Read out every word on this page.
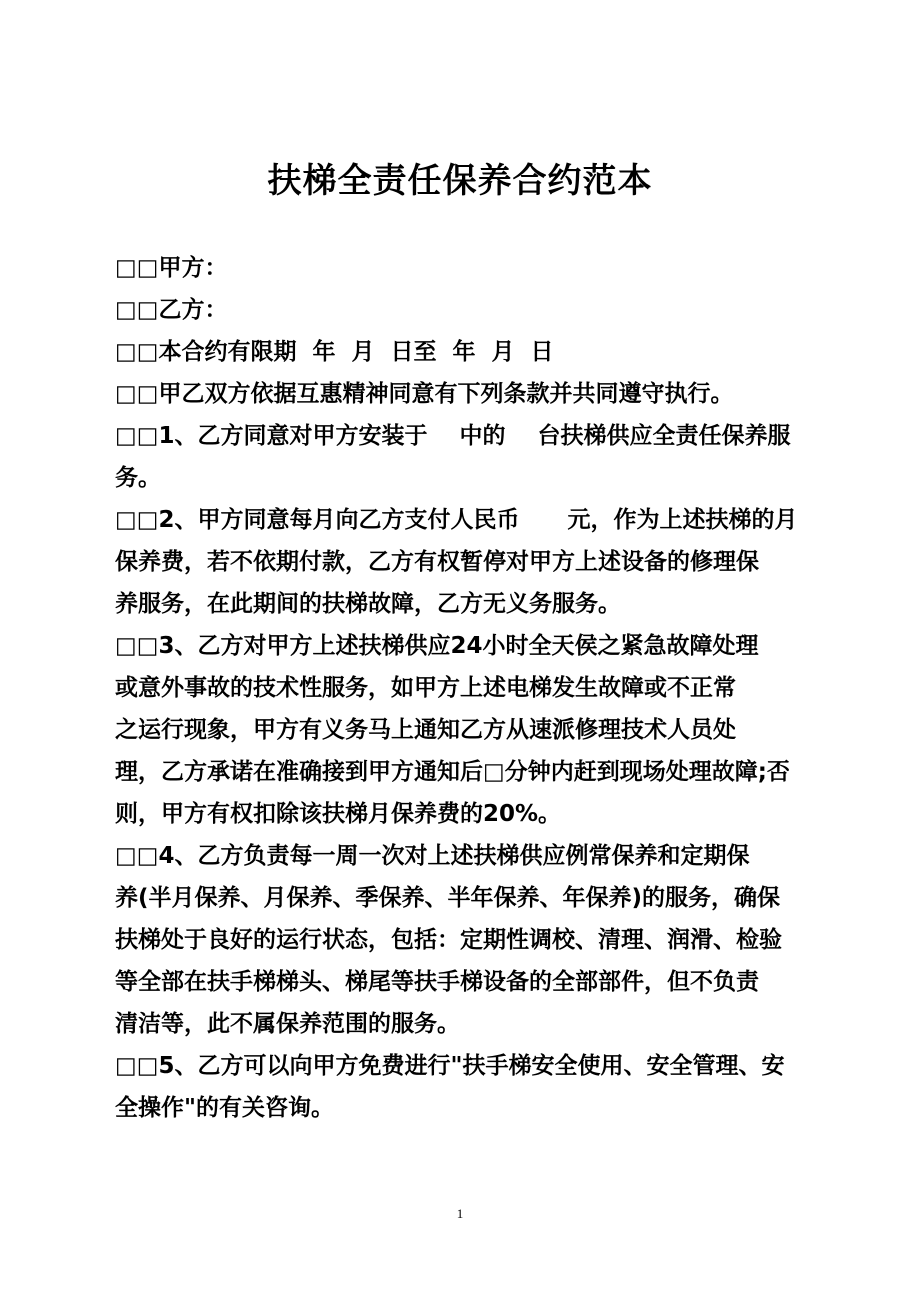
扶梯全责任保养合约范本
□□甲方：
□□乙方：
□□本合约有限期  年  月  日至  年  月  日
□□甲乙双方依据互惠精神同意有下列条款并共同遵守执行。
□□1、乙方同意对甲方安装于    中的    台扶梯供应全责任保养服
务。
□□2、甲方同意每月向乙方支付人民币      元，作为上述扶梯的月
保养费，若不依期付款，乙方有权暂停对甲方上述设备的修理保
养服务，在此期间的扶梯故障，乙方无义务服务。
□□3、乙方对甲方上述扶梯供应24小时全天侯之紧急故障处理
或意外事故的技术性服务，如甲方上述电梯发生故障或不正常
之运行现象，甲方有义务马上通知乙方从速派修理技术人员处
理，乙方承诺在准确接到甲方通知后□分钟内赶到现场处理故障;否
则，甲方有权扣除该扶梯月保养费的20%。
□□4、乙方负责每一周一次对上述扶梯供应例常保养和定期保
养(半月保养、月保养、季保养、半年保养、年保养)的服务，确保
扶梯处于良好的运行状态，包括：定期性调校、清理、润滑、检验
等全部在扶手梯梯头、梯尾等扶手梯设备的全部部件，但不负责
清洁等，此不属保养范围的服务。
□□5、乙方可以向甲方免费进行"扶手梯安全使用、安全管理、安
全操作"的有关咨询。
1
